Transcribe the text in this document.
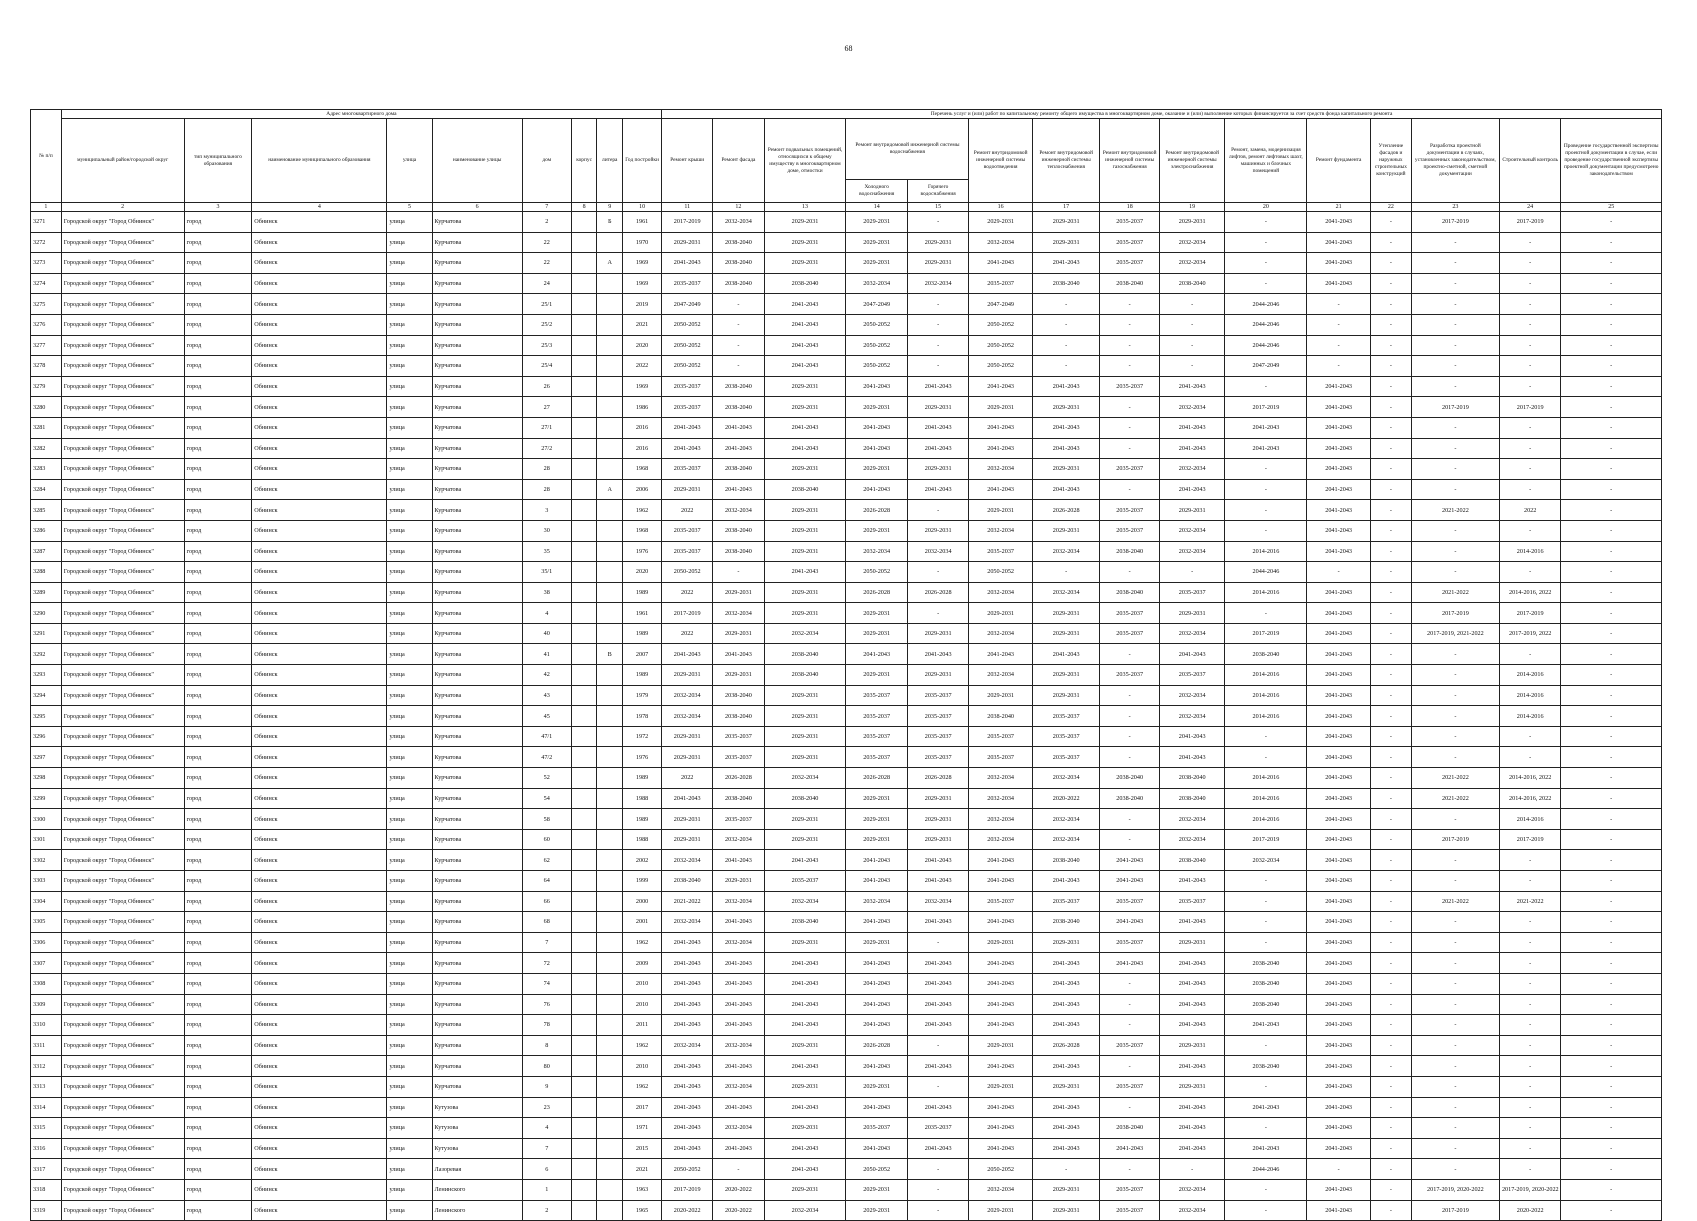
68
№ п/п	Адрес многоквартирного дома									Перечень услуг и (или) работ по капитальному ремонту общего имущества в многоквартирном доме, оказание и (или) выполнение которых финансируется за счет средств фонда капитального ремонта														
	муниципальный район/городской округ	тип муниципального образования	наименование муниципального образования	улица	наименование улицы	дом	корпус	литера	Год постройки	Ремонт крыши	Ремонт фасада	Ремонт подвальных помещений, относящихся к общему имуществу в многоквартирном доме, отмостки	Ремонт внутридомовой инженерной системы водоснабжения		Ремонт внутридомовой инженерной системы водоотведения	Ремонт внутридомовой инженерной системы теплоснабжения	Ремонт внутридомовой инженерной системы газоснабжения	Ремонт внутридомовой инженерной системы электроснабжения	Ремонт, замена, модернизация лифтов, ремонт лифтовых шахт, машинных и блочных помещений	Ремонт фундамента	Утепление фасадов и наружных строительных конструкций	Разработка проектной документации в случаях, установленных законодательством, проектно-сметной, сметной документации	Строительный контроль	Проведение государственной экспертизы проектной документации в случае, если проведение государственной экспертизы проектной документации предусмотрено законодательством
													Холодного водоснабжения	Горячего водоснабжения										
1	2	3	4	5	6	7	8	9	10	11	12	13	14	15	16	17	18	19	20	21	22	23	24	25
3271	Городской округ "Город Обнинск"	город	Обнинск	улица	Курчатова	2		Б	1961	2017-2019	2032-2034	2029-2031	2029-2031	-	2029-2031	2029-2031	2035-2037	2029-2031	-	2041-2043	-	2017-2019	2017-2019	-
3272	Городской округ "Город Обнинск"	город	Обнинск	улица	Курчатова	22			1970	2029-2031	2038-2040	2029-2031	2029-2031	2029-2031	2032-2034	2029-2031	2035-2037	2032-2034	-	2041-2043	-	-	-	-
3273	Городской округ "Город Обнинск"	город	Обнинск	улица	Курчатова	22		А	1969	2041-2043	2038-2040	2029-2031	2029-2031	2029-2031	2041-2043	2041-2043	2035-2037	2032-2034	-	2041-2043	-	-	-	-
3274	Городской округ "Город Обнинск"	город	Обнинск	улица	Курчатова	24			1969	2035-2037	2038-2040	2038-2040	2032-2034	2032-2034	2035-2037	2038-2040	2038-2040	2038-2040	-	2041-2043	-	-	-	-
3275	Городской округ "Город Обнинск"	город	Обнинск	улица	Курчатова	25/1			2019	2047-2049	-	2041-2043	2047-2049	-	2047-2049	-	-	-	2044-2046	-	-	-	-	-
3276	Городской округ "Город Обнинск"	город	Обнинск	улица	Курчатова	25/2			2021	2050-2052	-	2041-2043	2050-2052	-	2050-2052	-	-	-	2044-2046	-	-	-	-	-
3277	Городской округ "Город Обнинск"	город	Обнинск	улица	Курчатова	25/3			2020	2050-2052	-	2041-2043	2050-2052	-	2050-2052	-	-	-	2044-2046	-	-	-	-	-
3278	Городской округ "Город Обнинск"	город	Обнинск	улица	Курчатова	25/4			2022	2050-2052	-	2041-2043	2050-2052	-	2050-2052	-	-	-	2047-2049	-	-	-	-	-
3279	Городской округ "Город Обнинск"	город	Обнинск	улица	Курчатова	26			1969	2035-2037	2038-2040	2029-2031	2041-2043	2041-2043	2041-2043	2041-2043	2035-2037	2041-2043	-	2041-2043	-	-	-	-
3280	Городской округ "Город Обнинск"	город	Обнинск	улица	Курчатова	27			1986	2035-2037	2038-2040	2029-2031	2029-2031	2029-2031	2029-2031	2029-2031	-	2032-2034	2017-2019	2041-2043	-	2017-2019	2017-2019	-
3281	Городской округ "Город Обнинск"	город	Обнинск	улица	Курчатова	27/1			2016	2041-2043	2041-2043	2041-2043	2041-2043	2041-2043	2041-2043	2041-2043	-	2041-2043	2041-2043	2041-2043	-	-	-	-
3282	Городской округ "Город Обнинск"	город	Обнинск	улица	Курчатова	27/2			2016	2041-2043	2041-2043	2041-2043	2041-2043	2041-2043	2041-2043	2041-2043	-	2041-2043	2041-2043	2041-2043	-	-	-	-
3283	Городской округ "Город Обнинск"	город	Обнинск	улица	Курчатова	28			1968	2035-2037	2038-2040	2029-2031	2029-2031	2029-2031	2032-2034	2029-2031	2035-2037	2032-2034	-	2041-2043	-	-	-	-
3284	Городской округ "Город Обнинск"	город	Обнинск	улица	Курчатова	28		А	2006	2029-2031	2041-2043	2038-2040	2041-2043	2041-2043	2041-2043	2041-2043	-	2041-2043	-	2041-2043	-	-	-	-
3285	Городской округ "Город Обнинск"	город	Обнинск	улица	Курчатова	3			1962	2022	2032-2034	2029-2031	2026-2028	-	2029-2031	2026-2028	2035-2037	2029-2031	-	2041-2043	-	2021-2022	2022	-
3286	Городской округ "Город Обнинск"	город	Обнинск	улица	Курчатова	30			1968	2035-2037	2038-2040	2029-2031	2029-2031	2029-2031	2032-2034	2029-2031	2035-2037	2032-2034	-	2041-2043	-	-	-	-
3287	Городской округ "Город Обнинск"	город	Обнинск	улица	Курчатова	35			1976	2035-2037	2038-2040	2029-2031	2032-2034	2032-2034	2035-2037	2032-2034	2038-2040	2032-2034	2014-2016	2041-2043	-	-	2014-2016	-
3288	Городской округ "Город Обнинск"	город	Обнинск	улица	Курчатова	35/1			2020	2050-2052	-	2041-2043	2050-2052	-	2050-2052	-	-	-	2044-2046	-	-	-	-	-
3289	Городской округ "Город Обнинск"	город	Обнинск	улица	Курчатова	38			1989	2022	2029-2031	2029-2031	2026-2028	2026-2028	2032-2034	2032-2034	2038-2040	2035-2037	2014-2016	2041-2043	-	2021-2022	2014-2016, 2022	-
3290	Городской округ "Город Обнинск"	город	Обнинск	улица	Курчатова	4			1961	2017-2019	2032-2034	2029-2031	2029-2031	-	2029-2031	2029-2031	2035-2037	2029-2031	-	2041-2043	-	2017-2019	2017-2019	-
3291	Городской округ "Город Обнинск"	город	Обнинск	улица	Курчатова	40			1989	2022	2029-2031	2032-2034	2029-2031	2029-2031	2032-2034	2029-2031	2035-2037	2032-2034	2017-2019	2041-2043	-	2017-2019, 2021-2022	2017-2019, 2022	-
3292	Городской округ "Город Обнинск"	город	Обнинск	улица	Курчатова	41		В	2007	2041-2043	2041-2043	2038-2040	2041-2043	2041-2043	2041-2043	2041-2043	-	2041-2043	2038-2040	2041-2043	-	-	-	-
3293	Городской округ "Город Обнинск"	город	Обнинск	улица	Курчатова	42			1989	2029-2031	2029-2031	2038-2040	2029-2031	2029-2031	2032-2034	2029-2031	2035-2037	2035-2037	2014-2016	2041-2043	-	-	2014-2016	-
3294	Городской округ "Город Обнинск"	город	Обнинск	улица	Курчатова	43			1979	2032-2034	2038-2040	2029-2031	2035-2037	2035-2037	2029-2031	2029-2031	-	2032-2034	2014-2016	2041-2043	-	-	2014-2016	-
3295	Городской округ "Город Обнинск"	город	Обнинск	улица	Курчатова	45			1978	2032-2034	2038-2040	2029-2031	2035-2037	2035-2037	2038-2040	2035-2037	-	2032-2034	2014-2016	2041-2043	-	-	2014-2016	-
3296	Городской округ "Город Обнинск"	город	Обнинск	улица	Курчатова	47/1			1972	2029-2031	2035-2037	2029-2031	2035-2037	2035-2037	2035-2037	2035-2037	-	2041-2043	-	2041-2043	-	-	-	-
3297	Городской округ "Город Обнинск"	город	Обнинск	улица	Курчатова	47/2			1976	2029-2031	2035-2037	2029-2031	2035-2037	2035-2037	2035-2037	2035-2037	-	2041-2043	-	2041-2043	-	-	-	-
3298	Городской округ "Город Обнинск"	город	Обнинск	улица	Курчатова	52			1989	2022	2026-2028	2032-2034	2026-2028	2026-2028	2032-2034	2032-2034	2038-2040	2038-2040	2014-2016	2041-2043	-	2021-2022	2014-2016, 2022	-
3299	Городской округ "Город Обнинск"	город	Обнинск	улица	Курчатова	54			1988	2041-2043	2038-2040	2038-2040	2029-2031	2029-2031	2032-2034	2020-2022	2038-2040	2038-2040	2014-2016	2041-2043	-	2021-2022	2014-2016, 2022	-
3300	Городской округ "Город Обнинск"	город	Обнинск	улица	Курчатова	58			1989	2029-2031	2035-2037	2029-2031	2029-2031	2029-2031	2032-2034	2032-2034	-	2032-2034	2014-2016	2041-2043	-	-	2014-2016	-
3301	Городской округ "Город Обнинск"	город	Обнинск	улица	Курчатова	60			1988	2029-2031	2032-2034	2029-2031	2029-2031	2029-2031	2032-2034	2032-2034	-	2032-2034	2017-2019	2041-2043	-	2017-2019	2017-2019	-
3302	Городской округ "Город Обнинск"	город	Обнинск	улица	Курчатова	62			2002	2032-2034	2041-2043	2041-2043	2041-2043	2041-2043	2041-2043	2038-2040	2041-2043	2038-2040	2032-2034	2041-2043	-	-	-	-
3303	Городской округ "Город Обнинск"	город	Обнинск	улица	Курчатова	64			1999	2038-2040	2029-2031	2035-2037	2041-2043	2041-2043	2041-2043	2041-2043	2041-2043	2041-2043	-	2041-2043	-	-	-	-
3304	Городской округ "Город Обнинск"	город	Обнинск	улица	Курчатова	66			2000	2021-2022	2032-2034	2032-2034	2032-2034	2032-2034	2035-2037	2035-2037	2035-2037	2035-2037	-	2041-2043	-	2021-2022	2021-2022	-
3305	Городской округ "Город Обнинск"	город	Обнинск	улица	Курчатова	68			2001	2032-2034	2041-2043	2038-2040	2041-2043	2041-2043	2041-2043	2038-2040	2041-2043	2041-2043	-	2041-2043	-	-	-	-
3306	Городской округ "Город Обнинск"	город	Обнинск	улица	Курчатова	7			1962	2041-2043	2032-2034	2029-2031	2029-2031	-	2029-2031	2029-2031	2035-2037	2029-2031	-	2041-2043	-	-	-	-
3307	Городской округ "Город Обнинск"	город	Обнинск	улица	Курчатова	72			2009	2041-2043	2041-2043	2041-2043	2041-2043	2041-2043	2041-2043	2041-2043	2041-2043	2041-2043	2038-2040	2041-2043	-	-	-	-
3308	Городской округ "Город Обнинск"	город	Обнинск	улица	Курчатова	74			2010	2041-2043	2041-2043	2041-2043	2041-2043	2041-2043	2041-2043	2041-2043	-	2041-2043	2038-2040	2041-2043	-	-	-	-
3309	Городской округ "Город Обнинск"	город	Обнинск	улица	Курчатова	76			2010	2041-2043	2041-2043	2041-2043	2041-2043	2041-2043	2041-2043	2041-2043	-	2041-2043	2038-2040	2041-2043	-	-	-	-
3310	Городской округ "Город Обнинск"	город	Обнинск	улица	Курчатова	78			2011	2041-2043	2041-2043	2041-2043	2041-2043	2041-2043	2041-2043	2041-2043	-	2041-2043	2041-2043	2041-2043	-	-	-	-
3311	Городской округ "Город Обнинск"	город	Обнинск	улица	Курчатова	8			1962	2032-2034	2032-2034	2029-2031	2026-2028	-	2029-2031	2026-2028	2035-2037	2029-2031	-	2041-2043	-	-	-	-
3312	Городской округ "Город Обнинск"	город	Обнинск	улица	Курчатова	80			2010	2041-2043	2041-2043	2041-2043	2041-2043	2041-2043	2041-2043	2041-2043	-	2041-2043	2038-2040	2041-2043	-	-	-	-
3313	Городской округ "Город Обнинск"	город	Обнинск	улица	Курчатова	9			1962	2041-2043	2032-2034	2029-2031	2029-2031	-	2029-2031	2029-2031	2035-2037	2029-2031	-	2041-2043	-	-	-	-
3314	Городской округ "Город Обнинск"	город	Обнинск	улица	Кутузова	23			2017	2041-2043	2041-2043	2041-2043	2041-2043	2041-2043	2041-2043	2041-2043	-	2041-2043	2041-2043	2041-2043	-	-	-	-
3315	Городской округ "Город Обнинск"	город	Обнинск	улица	Кутузова	4			1971	2041-2043	2032-2034	2029-2031	2035-2037	2035-2037	2041-2043	2041-2043	2038-2040	2041-2043	-	2041-2043	-	-	-	-
3316	Городской округ "Город Обнинск"	город	Обнинск	улица	Кутузова	7			2015	2041-2043	2041-2043	2041-2043	2041-2043	2041-2043	2041-2043	2041-2043	2041-2043	2041-2043	2041-2043	2041-2043	-	-	-	-
3317	Городской округ "Город Обнинск"	город	Обнинск	улица	Лазоревая	6			2021	2050-2052	-	2041-2043	2050-2052	-	2050-2052	-	-	-	2044-2046	-	-	-	-	-
3318	Городской округ "Город Обнинск"	город	Обнинск	улица	Ленинского	1			1963	2017-2019	2020-2022	2029-2031	2029-2031	-	2032-2034	2029-2031	2035-2037	2032-2034	-	2041-2043	-	2017-2019, 2020-2022	2017-2019, 2020-2022	-
3319	Городской округ "Город Обнинск"	город	Обнинск	улица	Ленинского	2			1965	2020-2022	2020-2022	2032-2034	2029-2031	-	2029-2031	2029-2031	2035-2037	2032-2034	-	2041-2043	-	2017-2019	2020-2022	-
